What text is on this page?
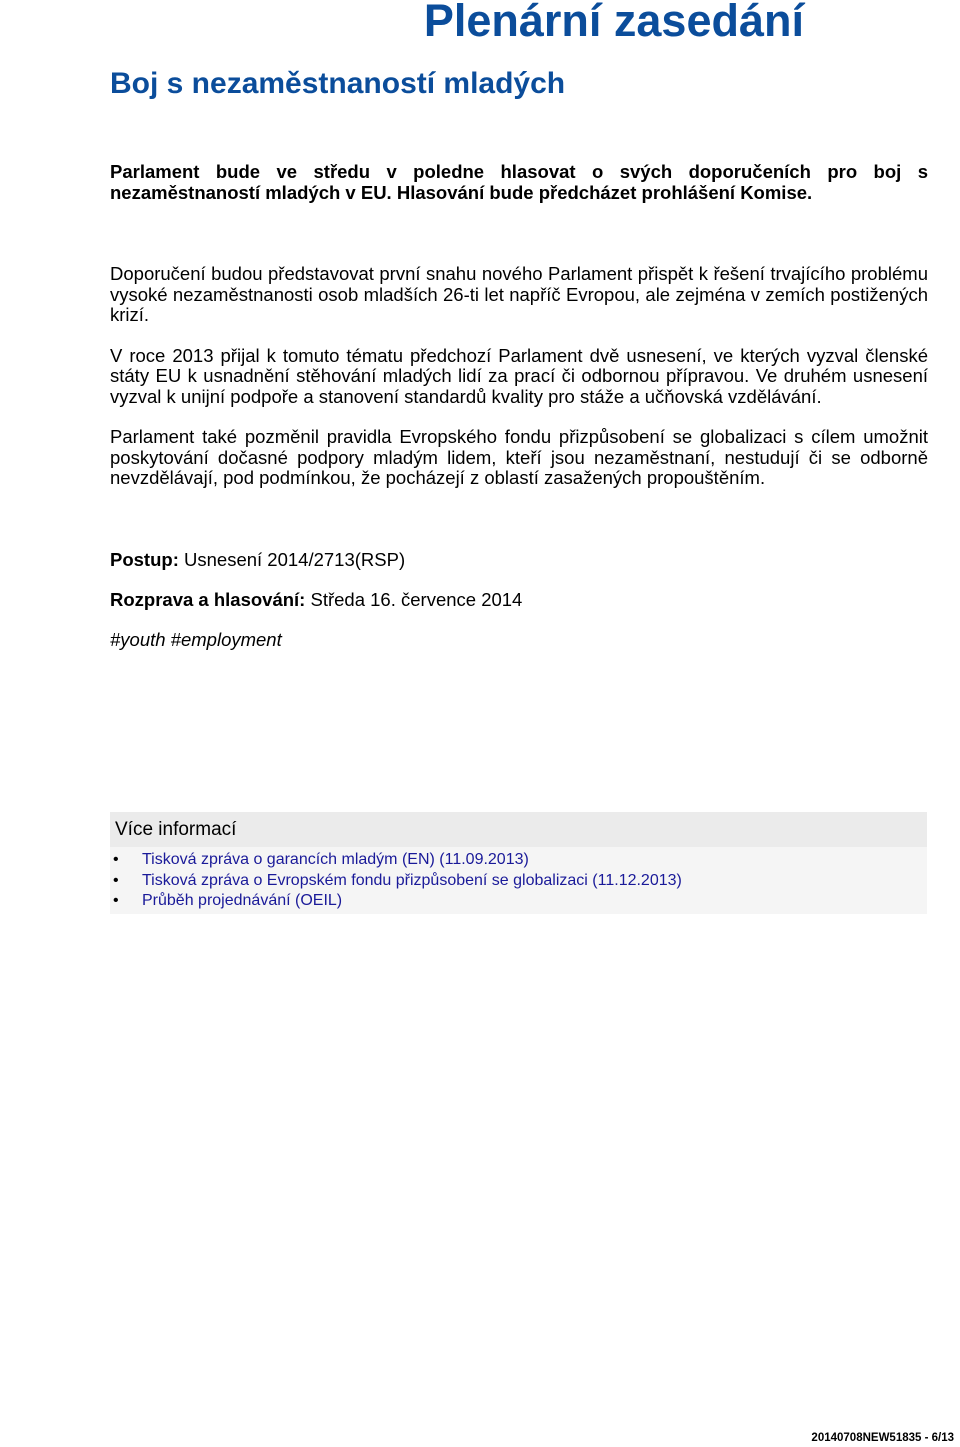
Plenární zasedání
Boj s nezaměstnaností mladých

Parlament bude ve středu v poledne hlasovat o svých doporučeních pro boj s nezaměstnaností mladých v EU. Hlasování bude předcházet prohlášení Komise.

Doporučení budou představovat první snahu nového Parlament přispět k řešení trvajícího problému vysoké nezaměstnanosti osob mladších 26-ti let napříč Evropou, ale zejména v zemích postižených krizí.

V roce 2013 přijal k tomuto tématu předchozí Parlament dvě usnesení, ve kterých vyzval členské státy EU k usnadnění stěhování mladých lidí za prací či odbornou přípravou. Ve druhém usnesení vyzval k unijní podpoře a stanovení standardů kvality pro stáže a učňovská vzdělávání.

Parlament také pozměnil pravidla Evropského fondu přizpůsobení se globalizaci s cílem umožnit poskytování dočasné podpory mladým lidem, kteří jsou nezaměstnaní, nestudují či se odborně nevzdělávají, pod podmínkou, že pocházejí z oblastí zasažených propouštěním.

Postup: Usnesení 2014/2713(RSP)

Rozprava a hlasování: Středa 16. července 2014

#youth #employment

Více informací
• Tisková zpráva o garancích mladým (EN) (11.09.2013)
• Tisková zpráva o Evropském fondu přizpůsobení se globalizaci (11.12.2013)
• Průběh projednávání (OEIL)
20140708NEW51835 - 6/13
